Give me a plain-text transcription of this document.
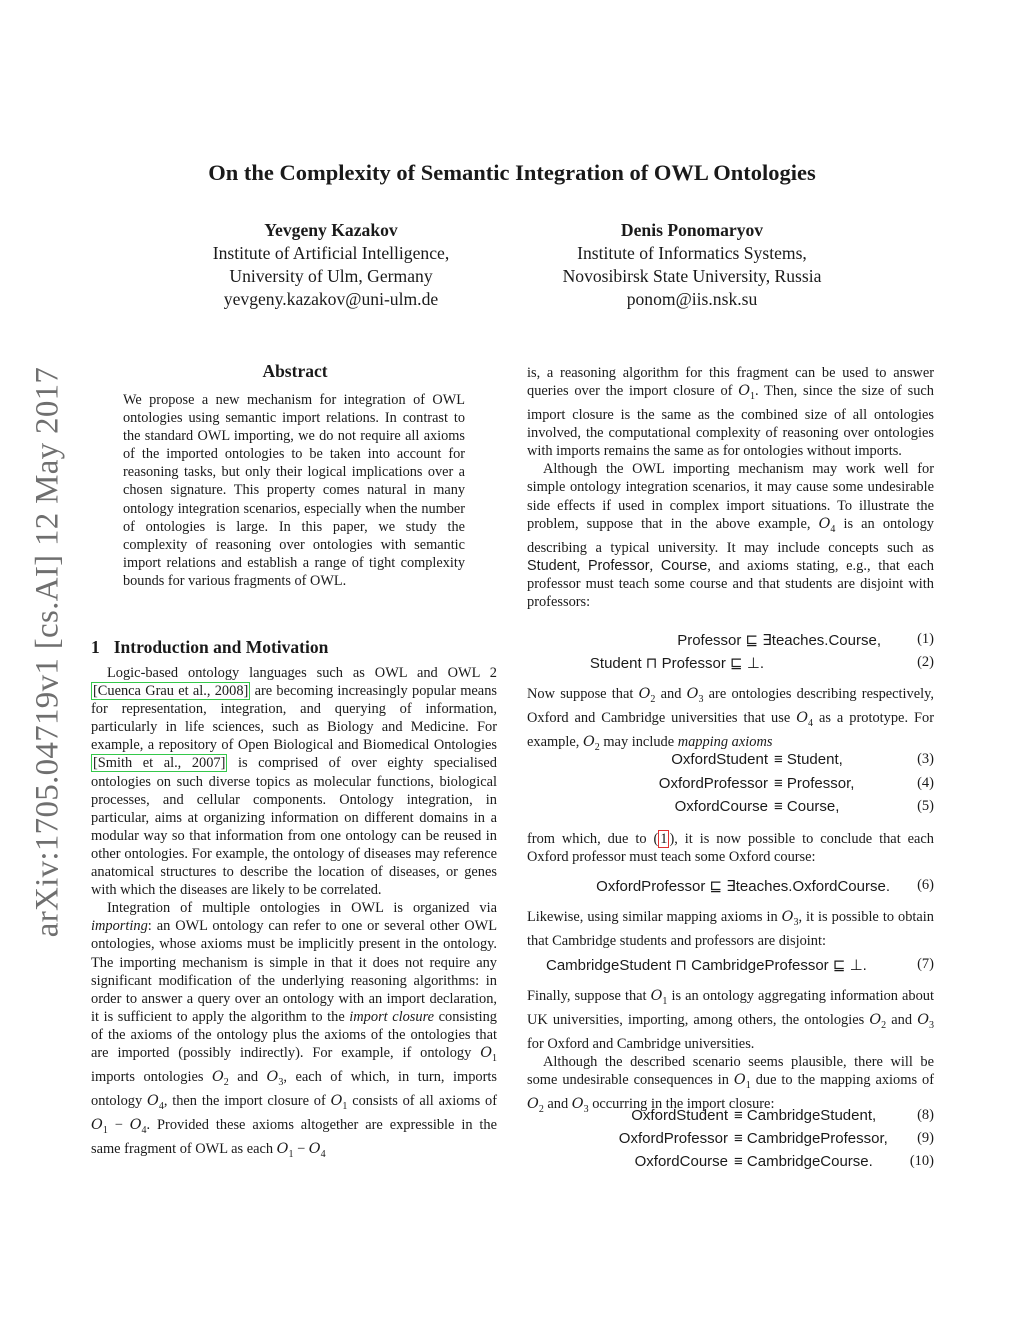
On the Complexity of Semantic Integration of OWL Ontologies
Yevgeny Kazakov
Institute of Artificial Intelligence,
University of Ulm, Germany
yevgeny.kazakov@uni-ulm.de
Denis Ponomaryov
Institute of Informatics Systems,
Novosibirsk State University, Russia
ponom@iis.nsk.su
arXiv:1705.04719v1 [cs.AI] 12 May 2017	Abstract
We propose a new mechanism for integration of OWL ontologies using semantic import relations. In contrast to the standard OWL importing, we do not require all axioms of the imported ontologies to be taken into account for reasoning tasks, but only their logical implications over a chosen signature. This property comes natural in many ontology integration scenarios, especially when the number of ontologies is large. In this paper, we study the complexity of reasoning over ontologies with semantic import relations and establish a range of tight complexity bounds for various fragments of OWL.
1 Introduction and Motivation

Logic-based ontology languages such as OWL and OWL 2 [Cuenca Grau et al., 2008] are becoming increasingly popular means for representation, integration, and querying of information, particularly in life sciences, such as Biology and Medicine. For example, a repository of Open Biological and Biomedical Ontologies [Smith et al., 2007] is comprised of over eighty specialised ontologies on such diverse topics as molecular functions, biological processes, and cellular components. Ontology integration, in particular, aims at organizing information on different domains in a modular way so that information from one ontology can be reused in other ontologies. For example, the ontology of diseases may reference anatomical structures to describe the location of diseases, or genes with which the diseases are likely to be correlated.

Integration of multiple ontologies in OWL is organized via importing: an OWL ontology can refer to one or several other OWL ontologies, whose axioms must be implicitly present in the ontology. The importing mechanism is simple in that it does not require any significant modification of the underlying reasoning algorithms: in order to answer a query over an ontology with an import declaration, it is sufficient to apply the algorithm to the import closure consisting of the axioms of the ontology plus the axioms of the ontologies that are imported (possibly indirectly). For example, if ontology $O_1$ imports ontologies $O_2$ and $O_3$, each of which, in turn, imports ontology $O_4$, then the import closure of $O_1$ consists of all axioms of $O_1 - O_4$. Provided these axioms altogether are expressible in the same fragment of OWL as each $O_1 - O_4$

is, a reasoning algorithm for this fragment can be used to answer queries over the import closure of $O_1$. Then, since the size of such import closure is the same as the combined size of all ontologies involved, the computational complexity of reasoning over ontologies with imports remains the same as for ontologies without imports.

Although the OWL importing mechanism may work well for simple ontology integration scenarios, it may cause some undesirable side effects if used in complex import situations. To illustrate the problem, suppose that in the above example, $O_4$ is an ontology describing a typical university. It may include concepts such as Student, Professor, Course, and axioms stating, e.g., that each professor must teach some course and that students are disjoint with professors:

Professor ⊑ ∃teaches.Course, (1)
Student ⊓ Professor ⊑ ⊥.	(2)

Now suppose that $O_2$ and $O_3$ are ontologies describing respectively, Oxford and Cambridge universities that use $O_4$ as a prototype. For example, $O_2$ may include mapping axioms

OxfordStudent ≡ Student,	(3)
OxfordProfessor ≡ Professor,	(4)
OxfordCourse ≡ Course,	(5)

from which, due to ( 1 ), it is now possible to conclude that each Oxford professor must teach some Oxford course:

OxfordProfessor ⊑ ∃teaches.OxfordCourse. (6)

Likewise, using similar mapping axioms in $O_3$, it is possible to obtain that Cambridge students and professors are disjoint:

CambridgeStudent ⊓ CambridgeProfessor ⊑ ⊥.	(7)

Finally, suppose that $O_1$ is an ontology aggregating information about UK universities, importing, among others, the ontologies $O_2$ and $O_3$ for Oxford and Cambridge universities.

Although the described scenario seems plausible, there will be some undesirable consequences in $O_1$ due to the mapping axioms of $O_2$ and $O_3$ occurring in the import closure:

OxfordStudent ≡ CambridgeStudent,	(8)
OxfordProfessor ≡ CambridgeProfessor, (9)
OxfordCourse ≡ CambridgeCourse.	(10)
